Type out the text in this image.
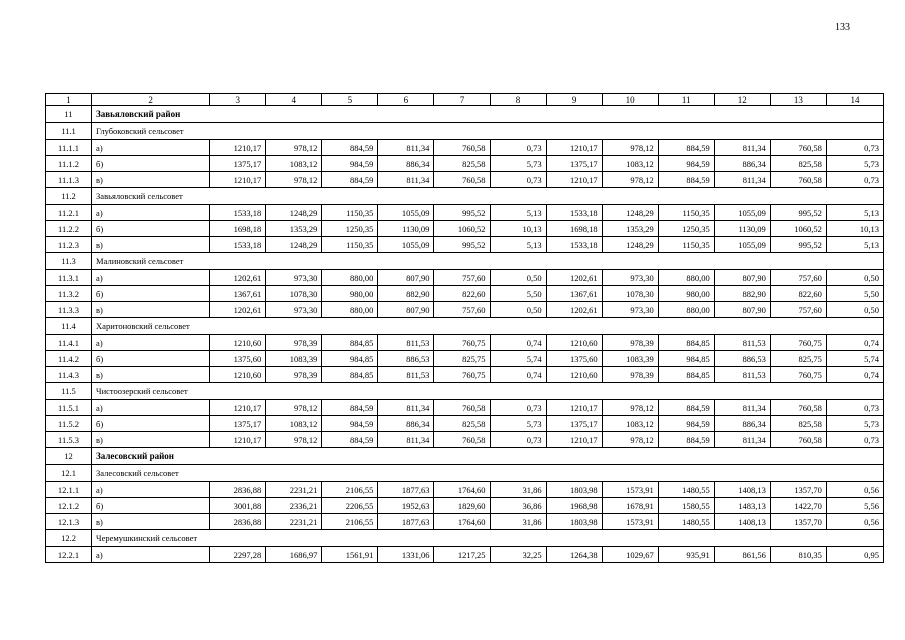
133
1	2	3	4	5	6	7	8	9	10	11	12	13	14
11	Завьяловский район												
11.1	Глубоковский сельсовет												
11.1.1	а)	1210,17	978,12	884,59	811,34	760,58	0,73	1210,17	978,12	884,59	811,34	760,58	0,73
11.1.2	б)	1375,17	1083,12	984,59	886,34	825,58	5,73	1375,17	1083,12	984,59	886,34	825,58	5,73
11.1.3	в)	1210,17	978,12	884,59	811,34	760,58	0,73	1210,17	978,12	884,59	811,34	760,58	0,73
11.2	Завьяловский сельсовет												
11.2.1	а)	1533,18	1248,29	1150,35	1055,09	995,52	5,13	1533,18	1248,29	1150,35	1055,09	995,52	5,13
11.2.2	б)	1698,18	1353,29	1250,35	1130,09	1060,52	10,13	1698,18	1353,29	1250,35	1130,09	1060,52	10,13
11.2.3	в)	1533,18	1248,29	1150,35	1055,09	995,52	5,13	1533,18	1248,29	1150,35	1055,09	995,52	5,13
11.3	Малиновский сельсовет												
11.3.1	а)	1202,61	973,30	880,00	807,90	757,60	0,50	1202,61	973,30	880,00	807,90	757,60	0,50
11.3.2	б)	1367,61	1078,30	980,00	882,90	822,60	5,50	1367,61	1078,30	980,00	882,90	822,60	5,50
11.3.3	в)	1202,61	973,30	880,00	807,90	757,60	0,50	1202,61	973,30	880,00	807,90	757,60	0,50
11.4	Харитоновский сельсовет												
11.4.1	а)	1210,60	978,39	884,85	811,53	760,75	0,74	1210,60	978,39	884,85	811,53	760,75	0,74
11.4.2	б)	1375,60	1083,39	984,85	886,53	825,75	5,74	1375,60	1083,39	984,85	886,53	825,75	5,74
11.4.3	в)	1210,60	978,39	884,85	811,53	760,75	0,74	1210,60	978,39	884,85	811,53	760,75	0,74
11.5	Чистоозерский сельсовет												
11.5.1	а)	1210,17	978,12	884,59	811,34	760,58	0,73	1210,17	978,12	884,59	811,34	760,58	0,73
11.5.2	б)	1375,17	1083,12	984,59	886,34	825,58	5,73	1375,17	1083,12	984,59	886,34	825,58	5,73
11.5.3	в)	1210,17	978,12	884,59	811,34	760,58	0,73	1210,17	978,12	884,59	811,34	760,58	0,73
12	Залесовский район												
12.1	Залесовский сельсовет												
12.1.1	а)	2836,88	2231,21	2106,55	1877,63	1764,60	31,86	1803,98	1573,91	1480,55	1408,13	1357,70	0,56
12.1.2	б)	3001,88	2336,21	2206,55	1952,63	1829,60	36,86	1968,98	1678,91	1580,55	1483,13	1422,70	5,56
12.1.3	в)	2836,88	2231,21	2106,55	1877,63	1764,60	31,86	1803,98	1573,91	1480,55	1408,13	1357,70	0,56
12.2	Черемушкинский сельсовет												
12.2.1	а)	2297,28	1686,97	1561,91	1331,06	1217,25	32,25	1264,38	1029,67	935,91	861,56	810,35	0,95
